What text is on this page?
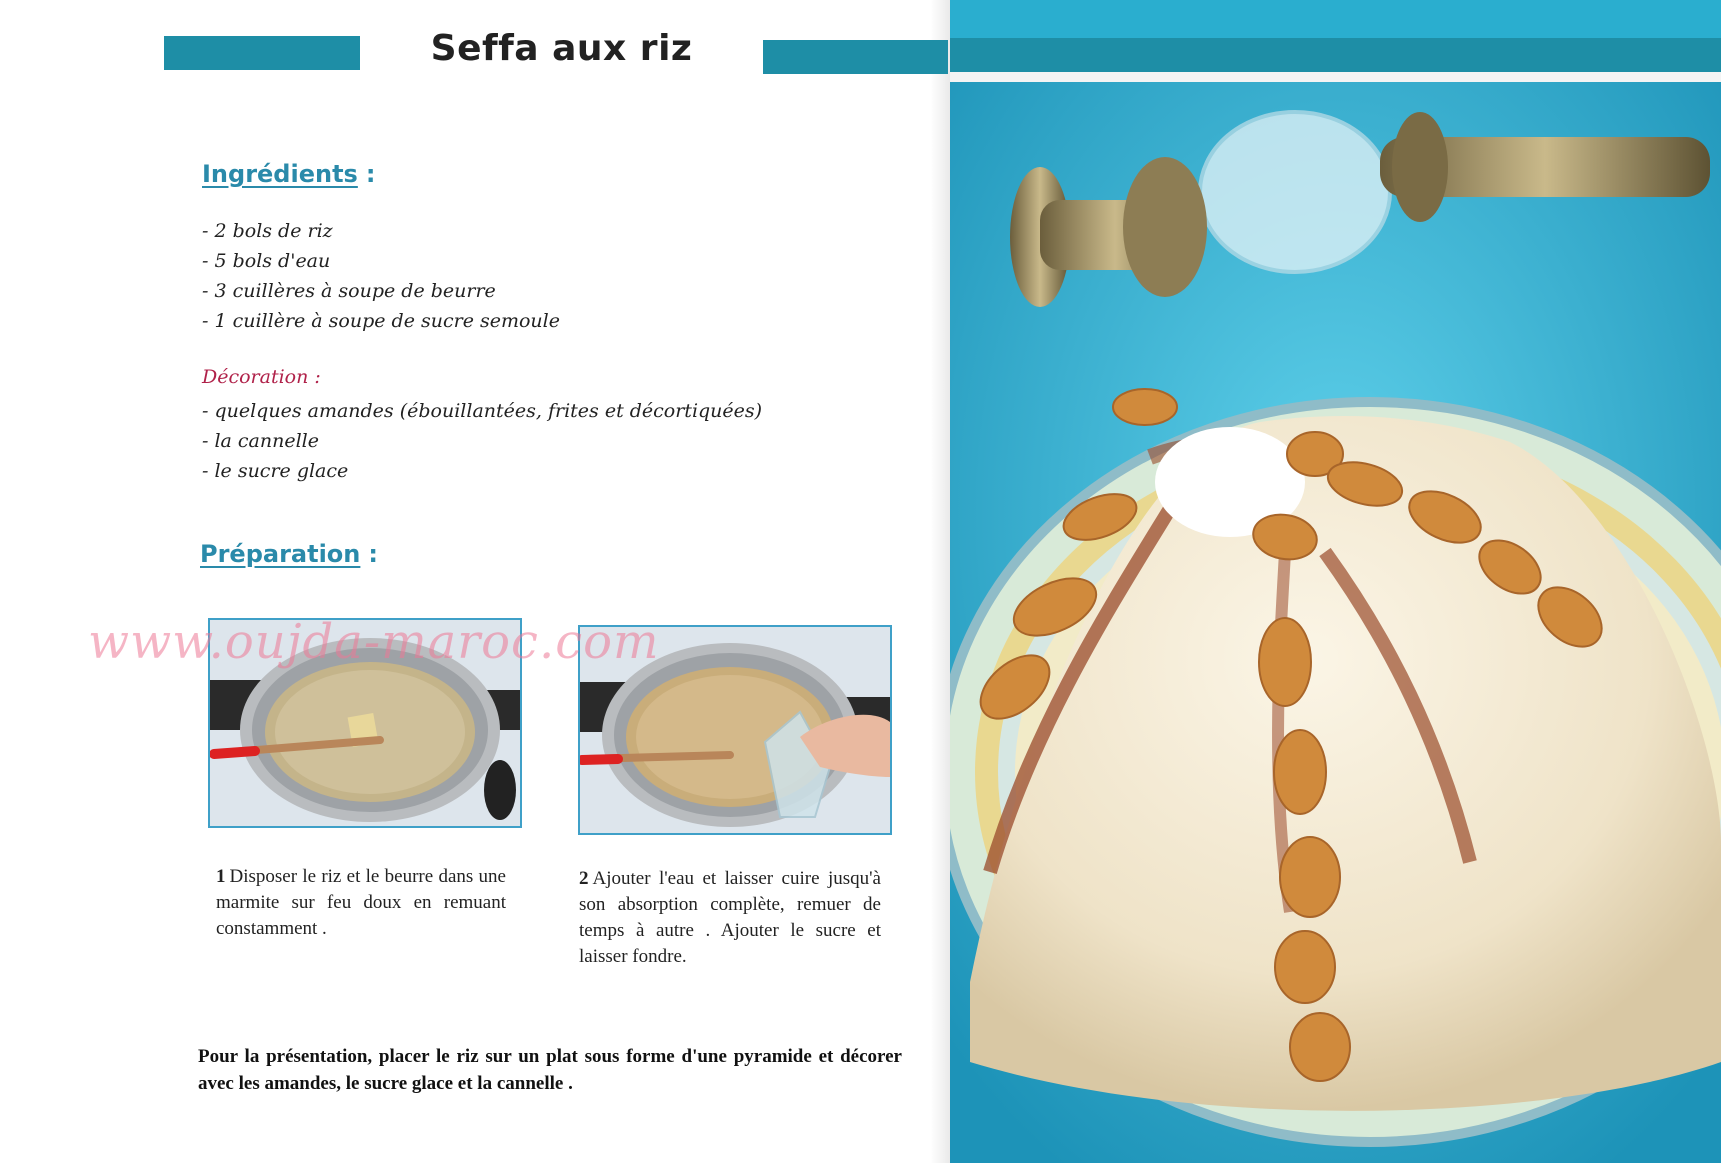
Seffa aux riz
Ingrédients :
- 2 bols de riz
- 5 bols d'eau
- 3 cuillères à soupe de beurre
- 1 cuillère à soupe de sucre semoule
Décoration :
- quelques amandes (ébouillantées, frites et décortiquées)
- la cannelle
- le sucre glace
Préparation :
1 Disposer le riz et le beurre dans une marmite sur feu doux en remuant constamment .
2 Ajouter l'eau et laisser cuire jusqu'à son absorption complète, remuer de temps à autre . Ajouter le sucre et laisser fondre.
Pour la présentation, placer le riz sur un plat sous forme d'une pyramide et décorer avec les amandes, le sucre glace et la cannelle .
www.oujda-maroc.com
